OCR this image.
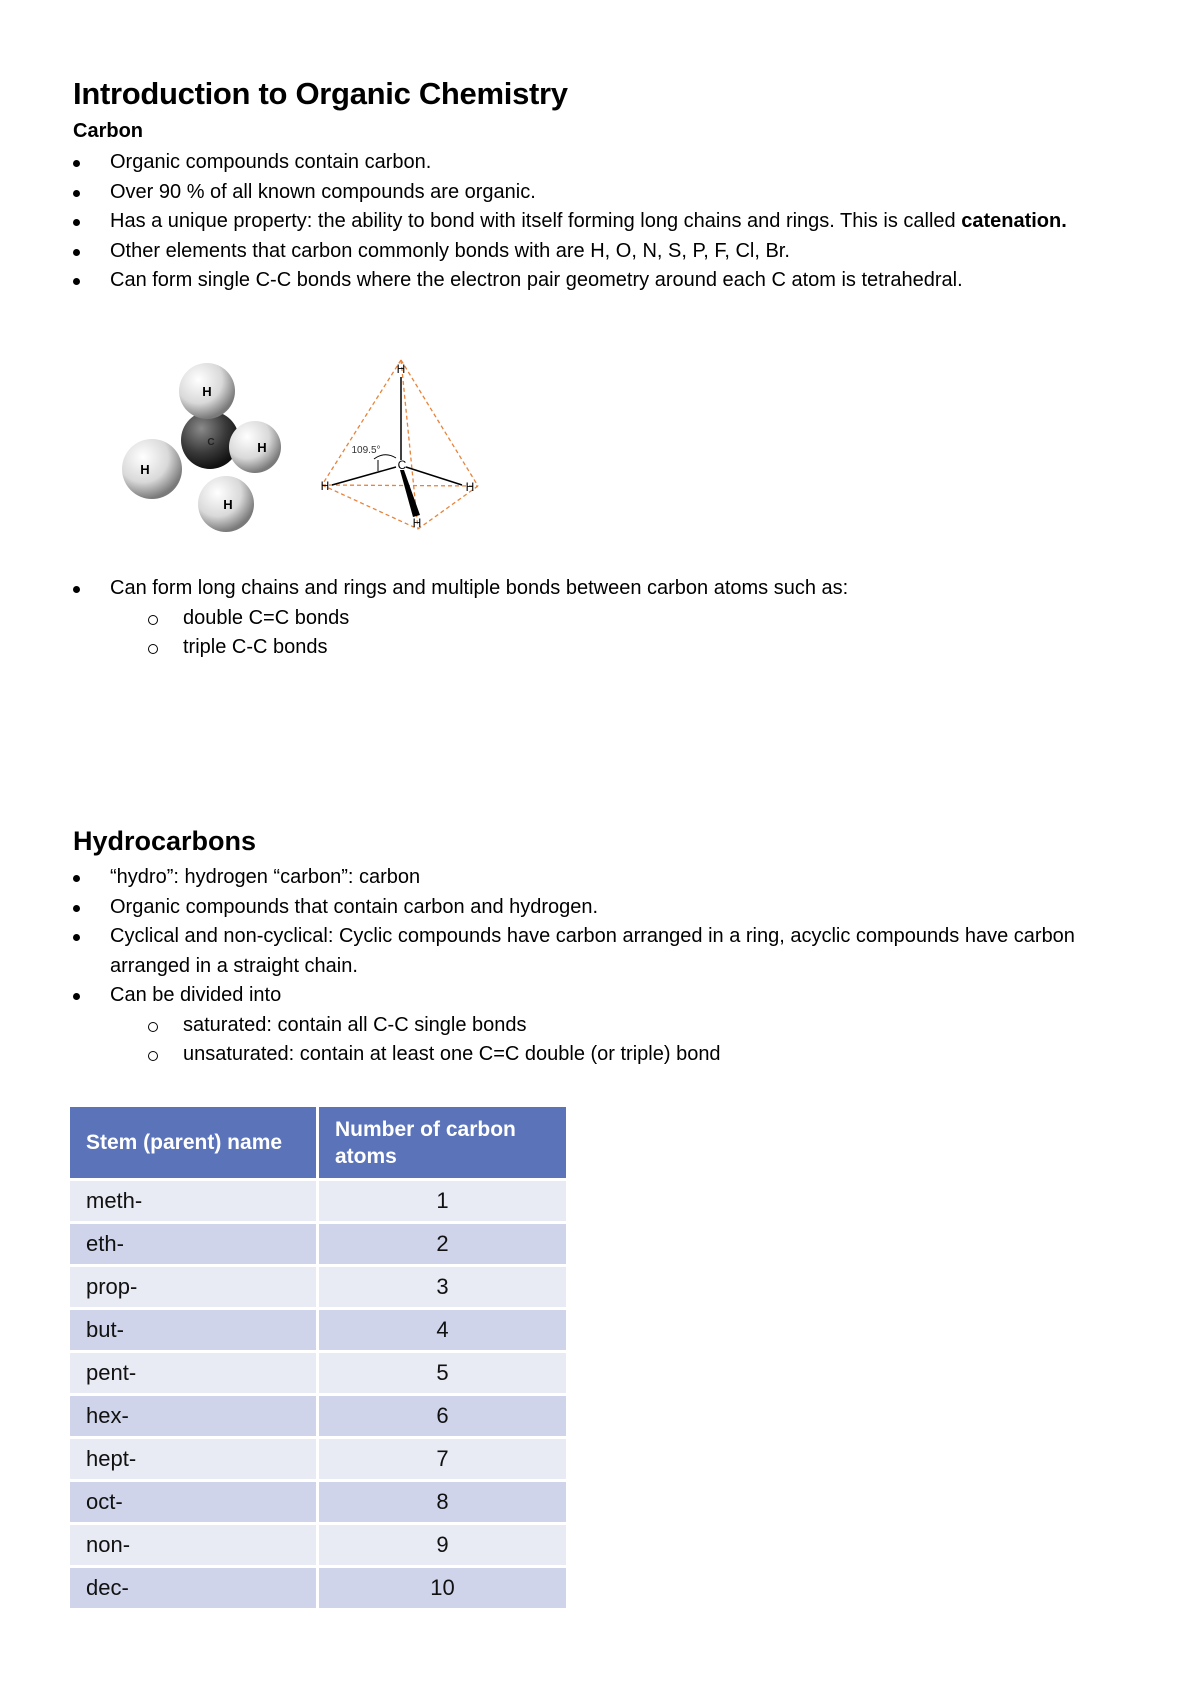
Introduction to Organic Chemistry
Carbon
Organic compounds contain carbon.
Over 90 % of all known compounds are organic.
Has a unique property: the ability to bond with itself forming long chains and rings. This is called catenation.
Other elements that carbon commonly bonds with are H, O, N, S, P, F, Cl, Br.
Can form single C-C bonds where the electron pair geometry around each C atom is tetrahedral.
H
C	H
H
H
H
C
H	H
H
109.5°
Can form long chains and rings and multiple bonds between carbon atoms such as:
double C=C bonds
triple C-C bonds
Hydrocarbons
“hydro”: hydrogen “carbon”: carbon
Organic compounds that contain carbon and hydrogen.
Cyclical and non-cyclical: Cyclic compounds have carbon arranged in a ring, acyclic compounds have carbon arranged in a straight chain.
Can be divided into
saturated: contain all C-C single bonds
unsaturated: contain at least one C=C double (or triple) bond
Stem (parent) name	Number of carbon atoms
meth-	1
eth-	2
prop-	3
but-	4
pent-	5
hex-	6
hept-	7
oct-	8
non-	9
dec-	10
